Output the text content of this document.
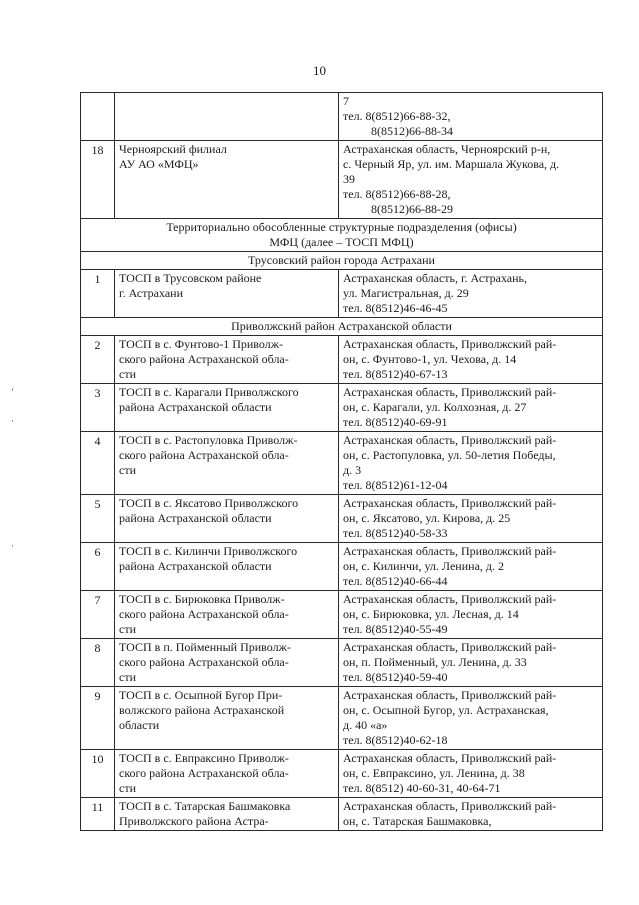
10

		7
тел. 8(8512)66-88-32,
8(8512)66-88-34

18	Черноярский филиал
АУ АО «МФЦ»	Астраханская область, Черноярский р-н,
с. Черный Яр, ул. им. Маршала Жукова, д.
39
тел. 8(8512)66-88-28,
8(8512)66-88-29

Территориально обособленные структурные подразделения (офисы)
МФЦ (далее – ТОСП МФЦ)		

Трусовский район города Астрахани		

1	ТОСП в Трусовском районе
г. Астрахани	Астраханская область, г. Астрахань,
ул. Магистральная, д. 29
тел. 8(8512)46-46-45

Приволжский район Астраханской области		

2	ТОСП в с. Фунтово-1 Приволж-
ского района Астраханской обла-
сти	Астраханская область, Приволжский рай-
он, с. Фунтово-1, ул. Чехова, д. 14
тел. 8(8512)40-67-13

3	ТОСП в с. Карагали Приволжского
района Астраханской области	Астраханская область, Приволжский рай-
он, с. Карагали, ул. Колхозная, д. 27
тел. 8(8512)40-69-91

4	ТОСП в с. Растопуловка Приволж-
ского района Астраханской обла-
сти	Астраханская область, Приволжский рай-
он, с. Растопуловка, ул. 50-летия Победы,
д. 3
тел. 8(8512)61-12-04

5	ТОСП в с. Яксатово Приволжского
района Астраханской области	Астраханская область, Приволжский рай-
он, с. Яксатово, ул. Кирова, д. 25
тел. 8(8512)40-58-33

6	ТОСП в с. Килинчи Приволжского
района Астраханской области	Астраханская область, Приволжский рай-
он, с. Килинчи, ул. Ленина, д. 2
тел. 8(8512)40-66-44

7	ТОСП в с. Бирюковка Приволж-
ского района Астраханской обла-
сти	Астраханская область, Приволжский рай-
он, с. Бирюковка, ул. Лесная, д. 14
тел. 8(8512)40-55-49

8	ТОСП в п. Пойменный Приволж-
ского района Астраханской обла-
сти	Астраханская область, Приволжский рай-
он, п. Пойменный, ул. Ленина, д. 33
тел. 8(8512)40-59-40

9	ТОСП в с. Осыпной Бугор При-
волжского района Астраханской
области	Астраханская область, Приволжский рай-
он, с. Осыпной Бугор, ул. Астраханская,
д. 40 «а»
тел. 8(8512)40-62-18

10	ТОСП в с. Евпраксино Приволж-
ского района Астраханской обла-
сти	Астраханская область, Приволжский рай-
он, с. Евпраксино, ул. Ленина, д. 38
тел. 8(8512) 40-60-31, 40-64-71

11	ТОСП в с. Татарская Башмаковка
Приволжского района Астра-	Астраханская область, Приволжский рай-
он, с. Татарская Башмаковка,
